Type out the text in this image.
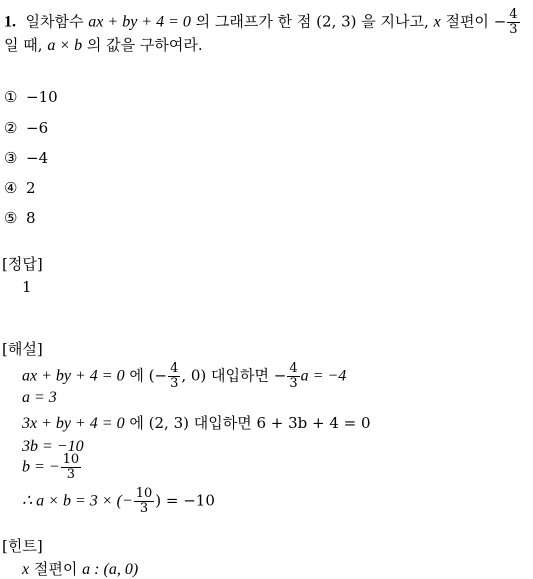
1. 일차함수 ax + by + 4 = 0 의 그래프가 한 점 (2, 3) 을 지나고, x 절편이 − $\frac{4}{3}$
일 때, a × b 의 값을 구하여라.
① −10
② −6
③ −4
④ 2
⑤ 8
[정답]
1
[해설]
ax + by + 4 = 0 에 (− $\frac{4}{3}$ , 0) 대입하면 − $\frac{4}{3}$ a = −4
a = 3
3x + by + 4 = 0 에 (2, 3) 대입하면 6 + 3b + 4 = 0
3b = −10
b = − $\frac{10}{3}$
∴ a × b = 3 × (− $\frac{10}{3}$ ) = −10
[힌트]
x 절편이 a : (a, 0)
